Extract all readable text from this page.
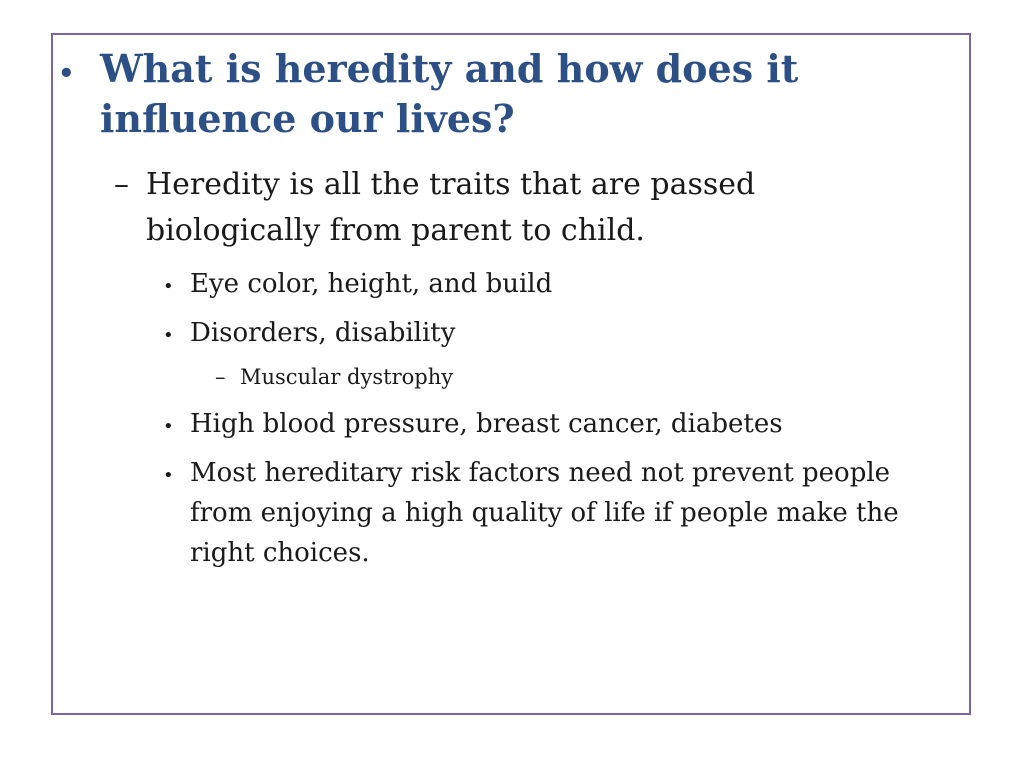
• What is heredity and how does it influence our lives?
– Heredity is all the traits that are passed biologically from parent to child.
• Eye color, height, and build
• Disorders, disability
– Muscular dystrophy
• High blood pressure, breast cancer, diabetes
• Most hereditary risk factors need not prevent people from enjoying a high quality of life if people make the right choices.
